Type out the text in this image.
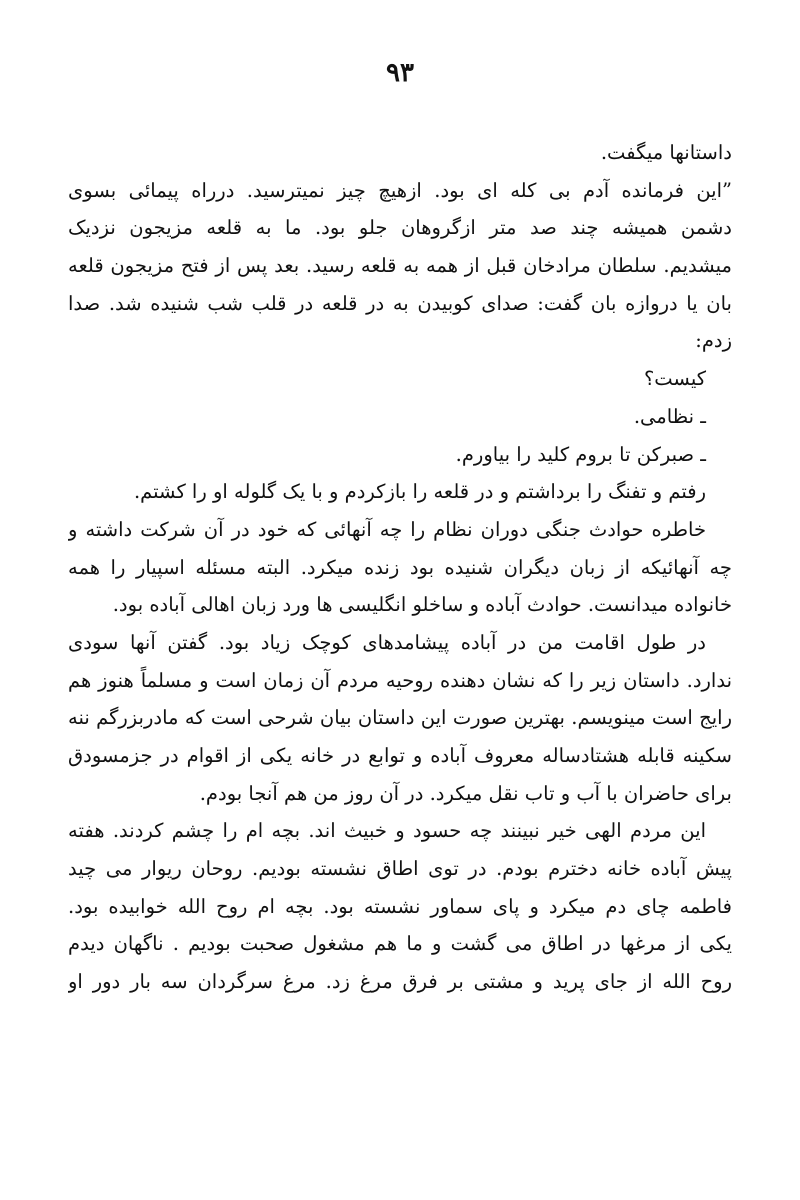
۹۳
داستانها میگفت.
”این فرمانده آدم بی کله ای بود. ازهیچ چیز نمیترسید. درراه پیمائی بسوی
دشمن همیشه چند صد متر ازگروهان جلو بود. ما به قلعه مزیجون نزدیک
میشدیم. سلطان مرادخان قبل از همه به قلعه رسید. بعد پس از فتح مزیجون قلعه
بان یا دروازه بان گفت: صدای کوبیدن به در قلعه در قلب شب شنیده شد. صدا
زدم:
کیست؟
ـ نظامی.
ـ صبرکن تا بروم کلید را بیاورم.
رفتم و تفنگ را برداشتم و در قلعه را بازکردم و با یک گلوله او را کشتم.
خاطره حوادث جنگی دوران نظام را چه آنهائی که خود در آن شرکت داشته و
چه آنهائیکه از زبان دیگران شنیده بود زنده میکرد. البته مسئله اسپیار را همه
خانواده میدانست. حوادث آباده و ساخلو انگلیسی ها ورد زبان اهالی آباده بود.
در طول اقامت من در آباده پیشامدهای کوچک زیاد بود. گفتن آنها سودی
ندارد. داستان زیر را که نشان دهنده روحیه مردم آن زمان است و مسلماً هنوز هم
رایج است مینویسم. بهترین صورت این داستان بیان شرحی است که مادربزرگم ننه
سکینه قابله هشتادساله معروف آباده و توابع در خانه یکی از اقوام در جزمسودق
برای حاضران با آب و تاب نقل میکرد. در آن روز من هم آنجا بودم.
این مردم الهی خیر نبینند چه حسود و خبیث اند. بچه ام را چشم کردند. هفته
پیش آباده خانه دخترم بودم. در توی اطاق نشسته بودیم. روحان ریوار می چید
فاطمه چای دم میکرد و پای سماور نشسته بود. بچه ام روح الله خوابیده بود.
یکی از مرغها در اطاق می گشت و ما هم مشغول صحبت بودیم . ناگهان دیدم
روح الله از جای پرید و مشتی بر فرق مرغ زد. مرغ سرگردان سه بار دور او
